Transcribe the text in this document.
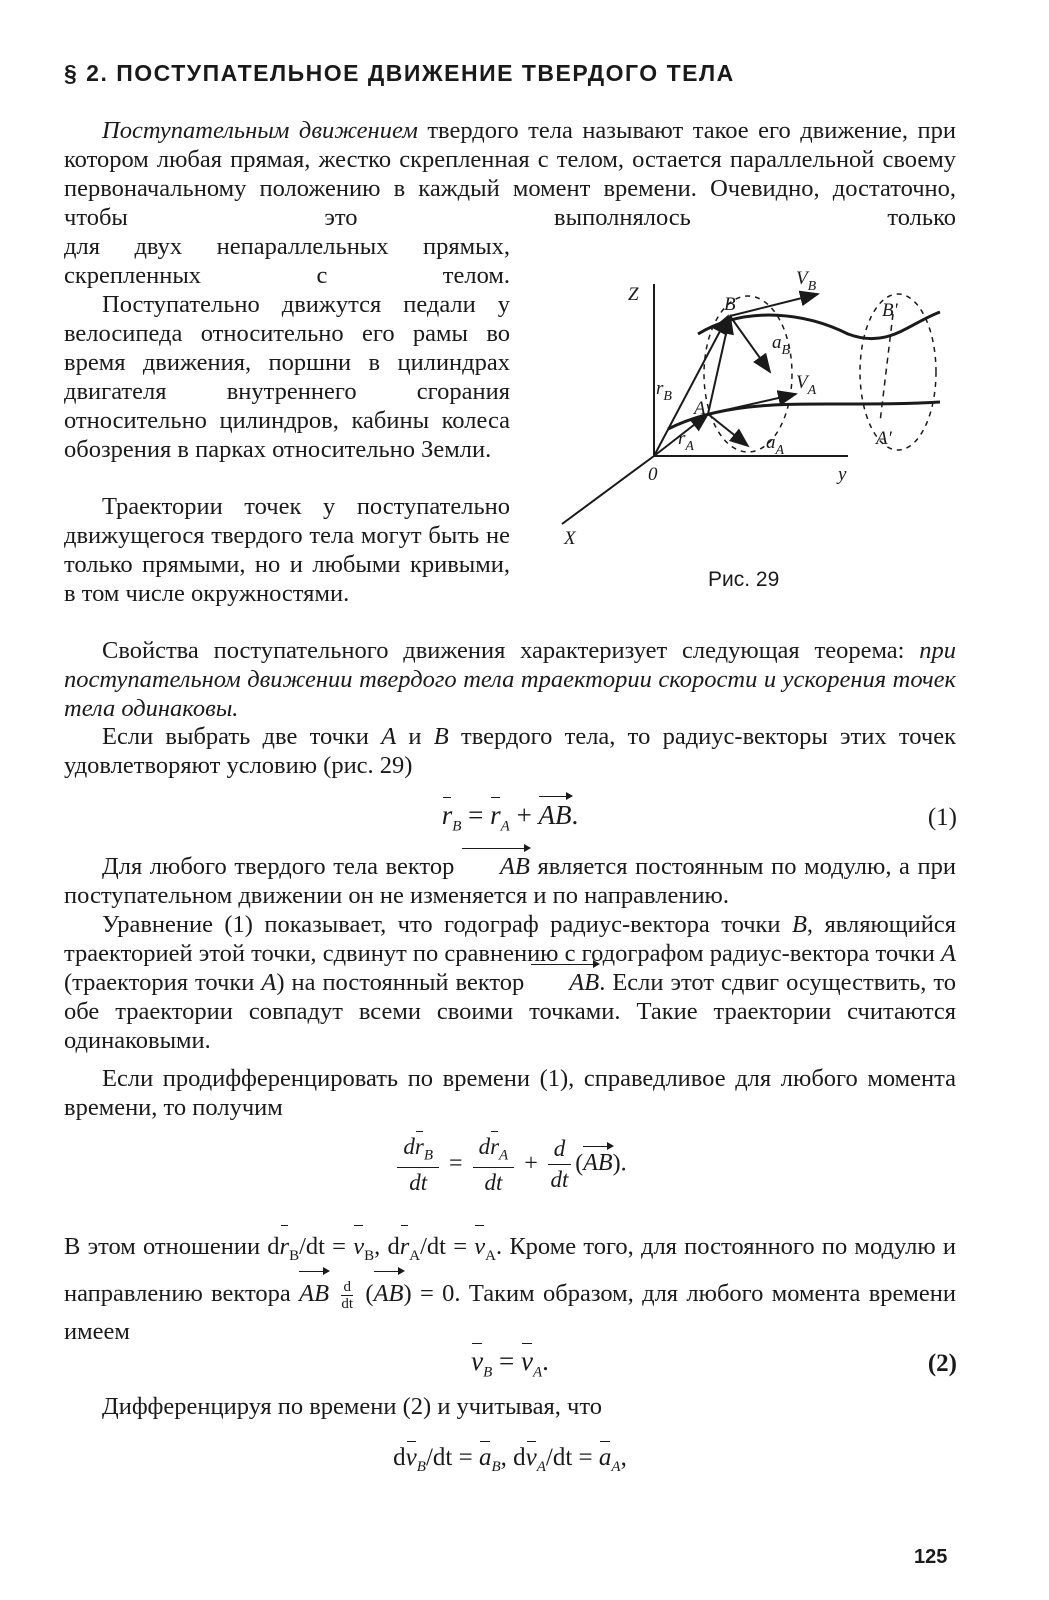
§ 2. ПОСТУПАТЕЛЬНОЕ ДВИЖЕНИЕ ТВЕРДОГО ТЕЛА

Поступательным движением твердого тела называют такое его движение, при котором любая прямая, жестко скрепленная с телом, остается параллельной своему первоначальному положению в каждый момент времени. Очевидно, достаточно, чтобы это выполнялось только

для двух непараллельных прямых, скрепленных с телом.

Поступательно движутся педали у велосипеда относительно его рамы во время движения, поршни в цилиндрах двигателя внутреннего сгорания относительно цилиндров, кабины колеса обозрения в парках относительно Земли.

Траектории точек у поступательно движущегося твердого тела могут быть не только прямыми, но и любыми кривыми, в том числе окружностями.

Z
X
y
0
A
B
A'
B'
$r_B$
$r_A$
$V_B$
$V_A$
$a_B$
$a_A$
Рис. 29

Свойства поступательного движения характеризует следующая теорема: при поступательном движении твердого тела траектории скорости и ускорения точек тела одинаковы.

Если выбрать две точки A и B твердого тела, то радиус-векторы этих точек удовлетворяют условию (рис. 29)

$r_B = r_A$ + AB.	(1)

Для любого твердого тела вектор AB является постоянным по модулю, а при поступательном движении он не изменяется и по направлению.

Уравнение (1) показывает, что годограф радиус-вектора точки B, являющийся траекторией этой точки, сдвинут по сравнению с годографом радиус-вектора точки A (траектория точки A) на постоянный вектор AB. Если этот сдвиг осуществить, то обе траектории совпадут всеми своими точками. Такие траектории считаются одинаковыми.

Если продифференцировать по времени (1), справедливое для любого момента времени, то получим

$\frac{dr_B}{dt} = \frac{dr_A}{dt} + \frac{d}{dt} (AB)$.

В этом отношении $dr_B/dt = v_B$, $dr_A/dt = v_A$. Кроме того, для постоянного по модулю и направлению вектора AB $\frac{d}{dt} (AB) = 0$. Таким образом, для любого момента времени имеем

$v_B = v_A$.	(2)

Дифференцируя по времени (2) и учитывая, что

$dv_B/dt = a_B$, $dv_A/dt = a_A$,
125
